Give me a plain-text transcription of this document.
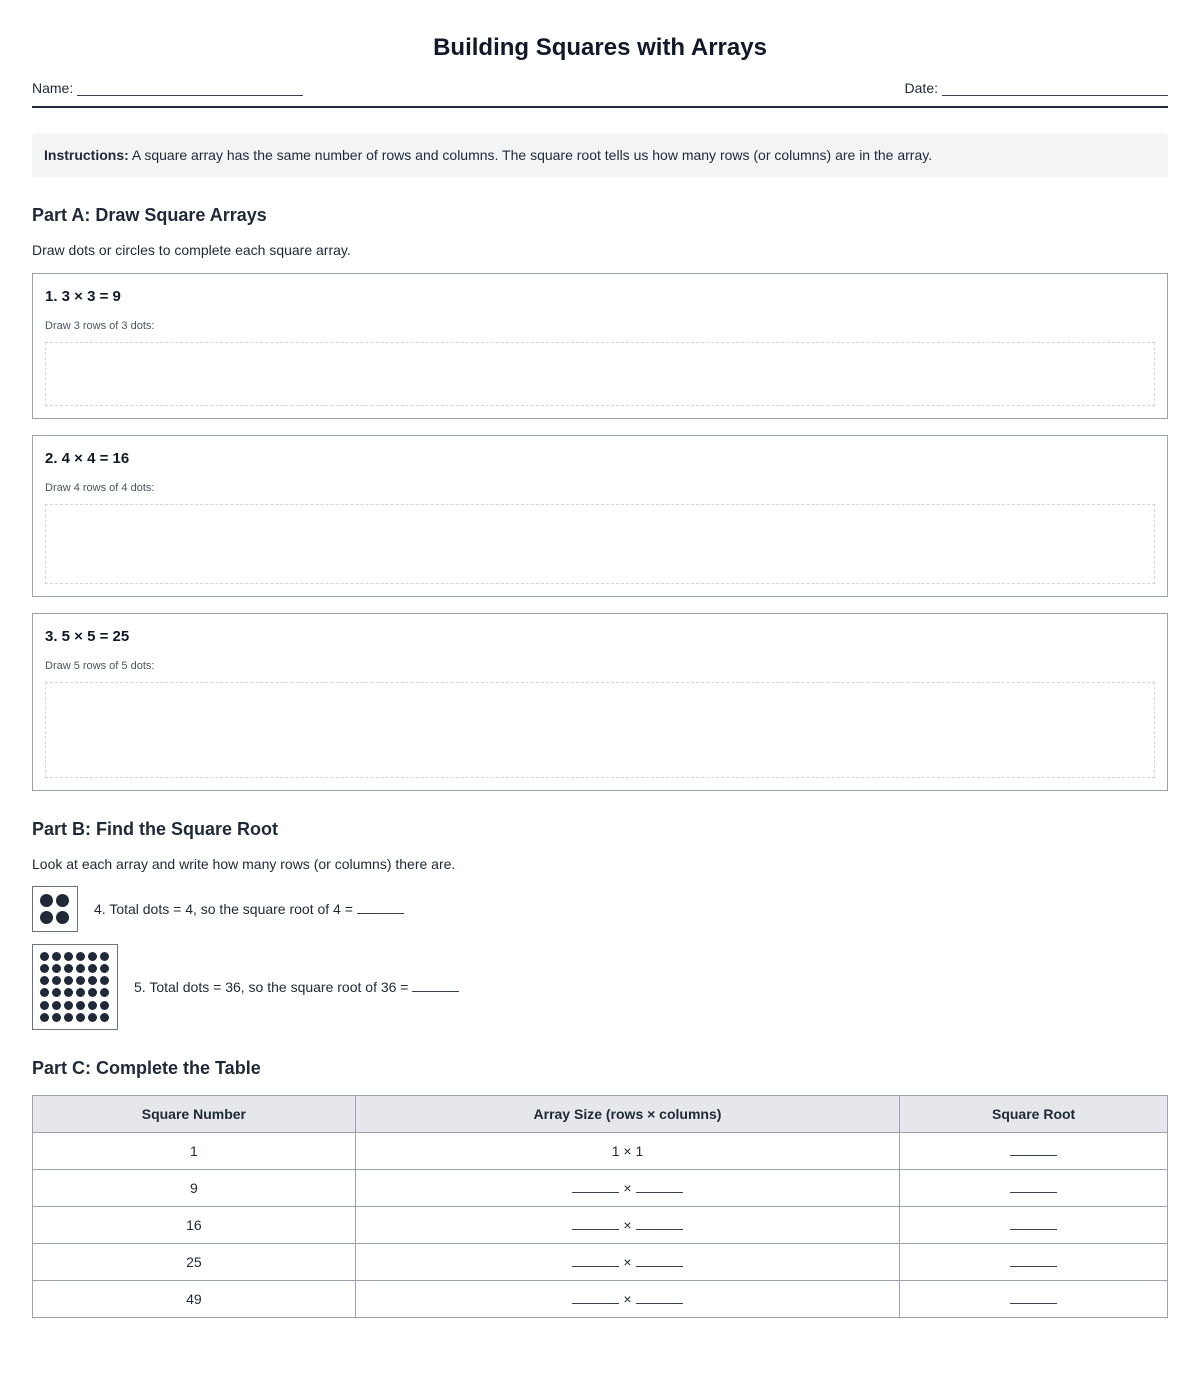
Building Squares with Arrays
Name:	Date:
Instructions: A square array has the same number of rows and columns. The square root tells us how many rows (or columns) are in the array.
Part A: Draw Square Arrays

Draw dots or circles to complete each square array.

1. 3 × 3 = 9
Draw 3 rows of 3 dots:
2. 4 × 4 = 16
Draw 4 rows of 4 dots:
3. 5 × 5 = 25
Draw 5 rows of 5 dots:
Part B: Find the Square Root

Look at each array and write how many rows (or columns) there are.

4. Total dots = 4, so the square root of 4 =
5. Total dots = 36, so the square root of 36 =
Part C: Complete the Table
Square Number	Array Size (rows × columns)	Square Root
1	1 × 1	
9	×	
16	×	
25	×	
49	×	
